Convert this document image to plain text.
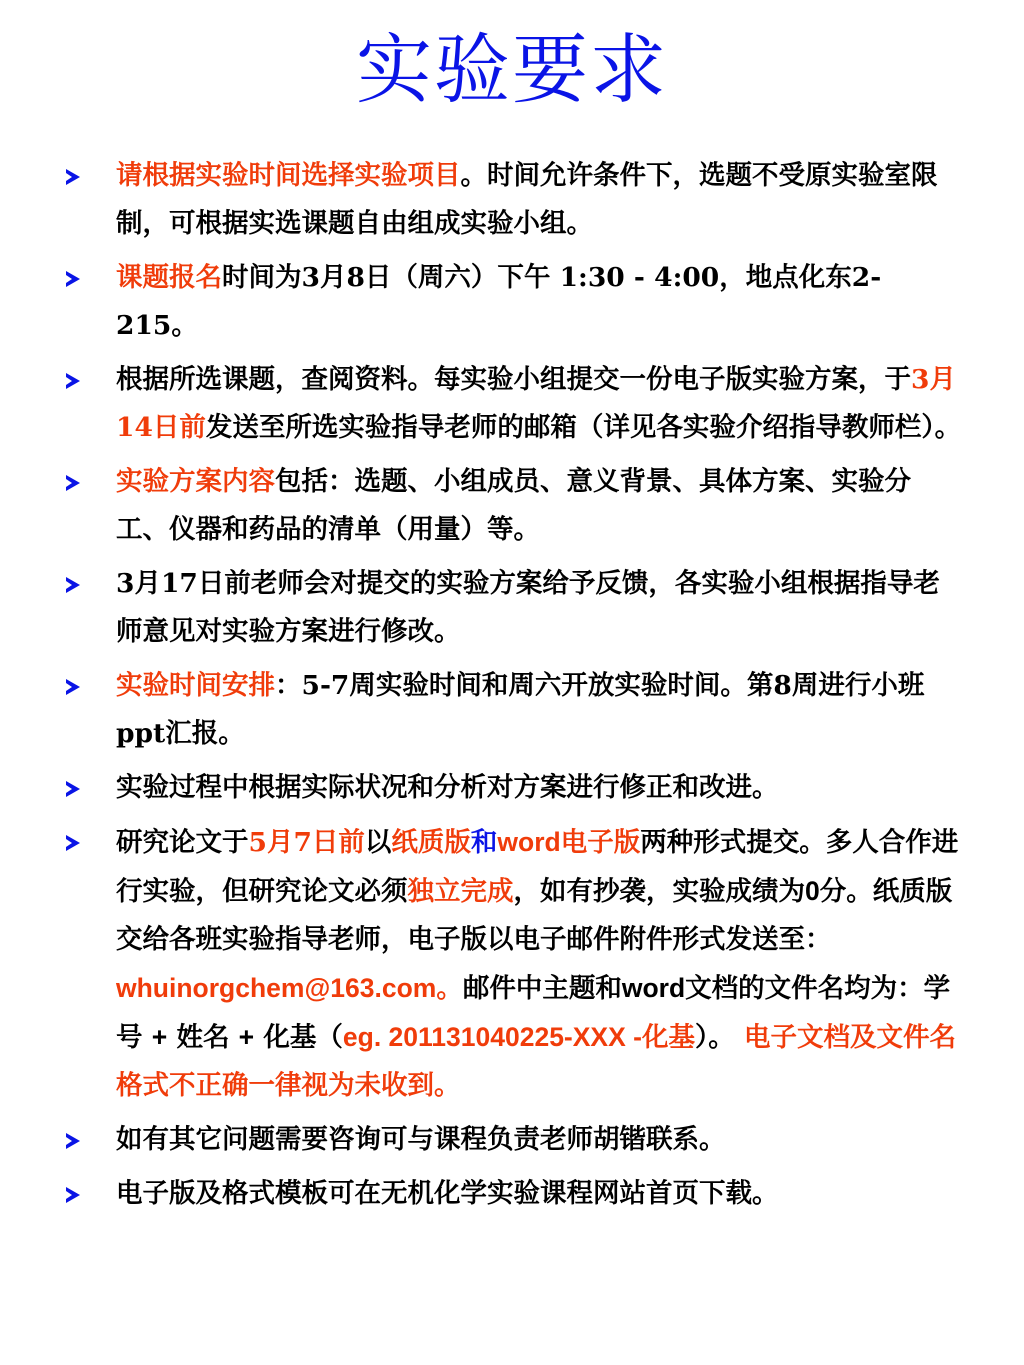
实验要求
请根据实验时间选择实验项目。时间允许条件下，选题不受原实验室限制，可根据实选课题自由组成实验小组。
课题报名时间为3月8日（周六）下午 1:30 - 4:00，地点化东2-215。
根据所选课题，查阅资料。每实验小组提交一份电子版实验方案，于3月14日前发送至所选实验指导老师的邮箱（详见各实验介绍指导教师栏）。
实验方案内容包括：选题、小组成员、意义背景、具体方案、实验分工、仪器和药品的清单（用量）等。
3月17日前老师会对提交的实验方案给予反馈，各实验小组根据指导老师意见对实验方案进行修改。
实验时间安排：5-7周实验时间和周六开放实验时间。第8周进行小班ppt汇报。
实验过程中根据实际状况和分析对方案进行修正和改进。
研究论文于5月7日前以纸质版和word电子版两种形式提交。多人合作进行实验，但研究论文必须独立完成，如有抄袭，实验成绩为0分。纸质版交给各班实验指导老师，电子版以电子邮件附件形式发送至：whuinorgchem@163.com。邮件中主题和word文档的文件名均为：学号 + 姓名 + 化基（eg. 201131040225-XXX -化基）。 电子文档及文件名格式不正确一律视为未收到。
如有其它问题需要咨询可与课程负责老师胡锴联系。
电子版及格式模板可在无机化学实验课程网站首页下载。
